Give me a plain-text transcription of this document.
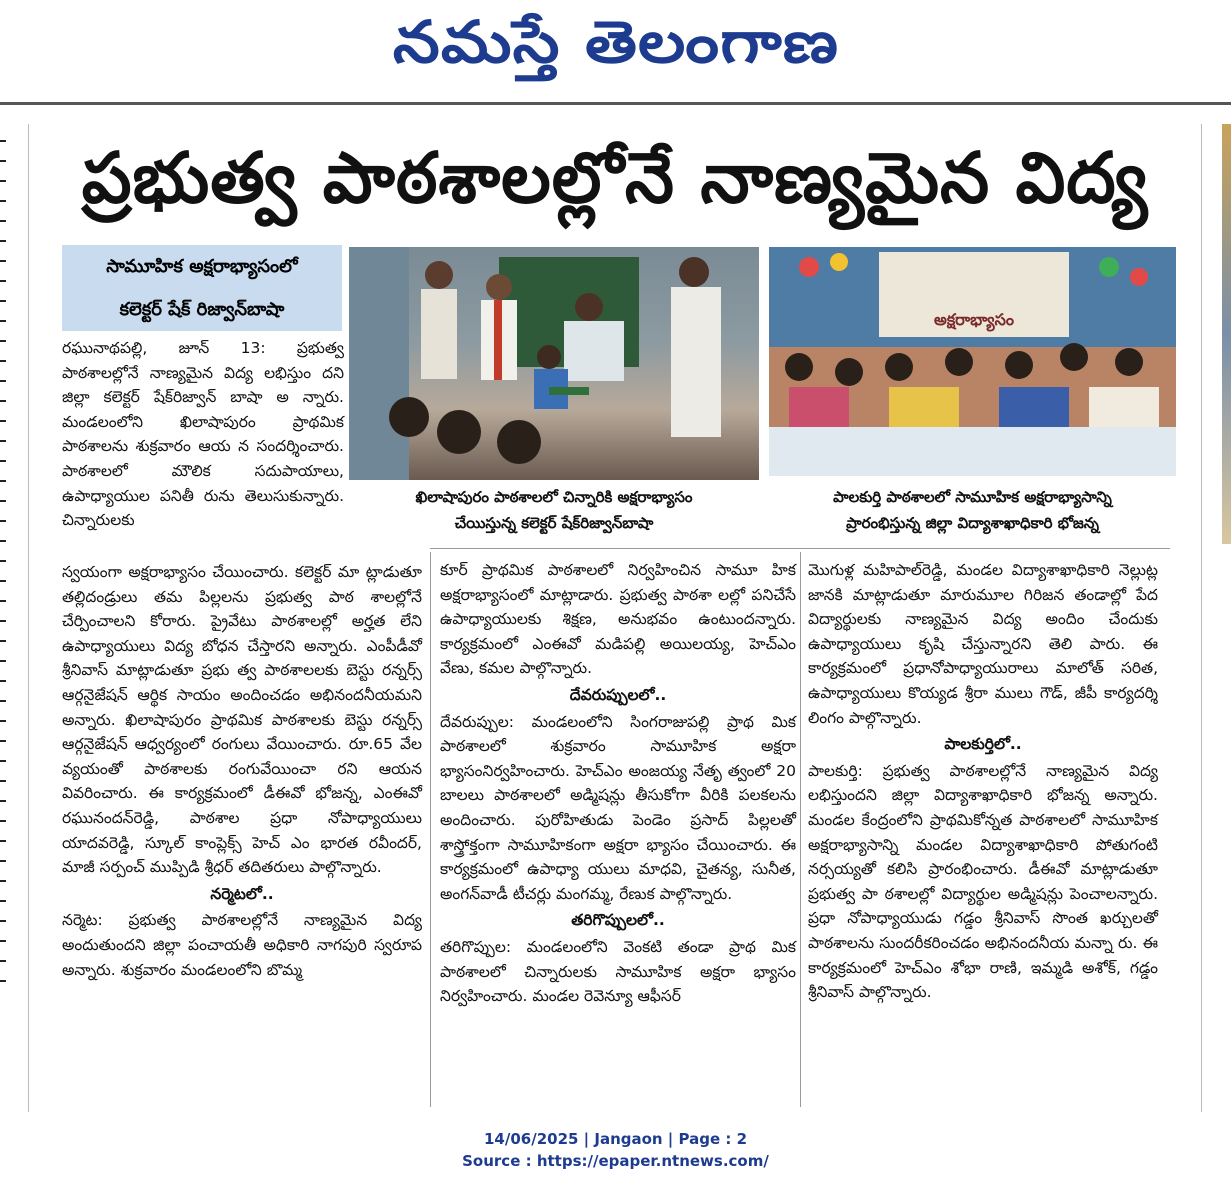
నమస్తే తెలంగాణ
ప్రభుత్వ పాఠశాలల్లోనే నాణ్యమైన విద్య
సామూహిక అక్షరాభ్యాసంలో
కలెక్టర్ షేక్ రిజ్వాన్‌బాషా	అక్షరాభ్యాసం
ఖిలాషాపురం పాఠశాలలో చిన్నారికి అక్షరాభ్యాసం
చేయిస్తున్న కలెక్టర్ షేక్‌రిజ్వాన్‌బాషా
పాలకుర్తి పాఠశాలలో సామూహిక అక్షరాభ్యాసాన్ని
ప్రారంభిస్తున్న జిల్లా విద్యాశాఖాధికారి భోజన్న

రఘునాథపల్లి, జూన్ 13: ప్రభుత్వ పాఠశాలల్లోనే నాణ్యమైన విద్య లభిస్తుం దని జిల్లా కలెక్టర్ షేక్‌రిజ్వాన్ బాషా అ న్నారు. మండలంలోని ఖిలాషాపురం ప్రాథమిక పాఠశాలను శుక్రవారం ఆయ న సందర్శించారు. పాఠశాలలో మౌలిక సదుపాయాలు, ఉపాధ్యాయుల పనితీ రును తెలుసుకున్నారు. చిన్నారులకు

స్వయంగా అక్షరాభ్యాసం చేయించారు. కలెక్టర్ మా ట్లాడుతూ తల్లిదండ్రులు తమ పిల్లలను ప్రభుత్వ పాఠ శాలల్లోనే చేర్పించాలని కోరారు. ప్రైవేటు పాఠశాలల్లో అర్హత లేని ఉపాధ్యాయులు విద్య బోధన చేస్తారని అన్నారు. ఎంపీడీవో శ్రీనివాస్ మాట్లాడుతూ ప్రభు త్వ పాఠశాలలకు బెస్టు రన్నర్స్ ఆర్గనైజేషన్ ఆర్థిక సాయం అందించడం అభినందనీయమని అన్నారు. ఖిలాషాపురం ప్రాథమిక పాఠశాలకు బెస్టు రన్నర్స్ ఆర్గనైజేషన్ ఆధ్వర్యంలో రంగులు వేయించారు. రూ.65 వేల వ్యయంతో పాఠశాలకు రంగువేయించా రని ఆయన వివరించారు. ఈ కార్యక్రమంలో డీఈవో భోజన్న, ఎంఈవో రఘునందన్‌రెడ్డి, పాఠశాల ప్రధా నోపాధ్యాయులు యాదవరెడ్డి, స్కూల్ కాంప్లెక్స్ హెచ్ ఎం భారత రవీందర్, మాజీ సర్పంచ్ ముప్పిడి శ్రీధర్ తదితరులు పాల్గొన్నారు.

నర్మెటలో..

నర్మెట: ప్రభుత్వ పాఠశాలల్లోనే నాణ్యమైన విద్య అందుతుందని జిల్లా పంచాయతీ అధికారి నాగపురి స్వరూప అన్నారు. శుక్రవారం మండలంలోని బొమ్మ

కూర్ ప్రాథమిక పాఠశాలలో నిర్వహించిన సామూ హిక అక్షరాభ్యాసంలో మాట్లాడారు. ప్రభుత్వ పాఠశా లల్లో పనిచేసే ఉపాధ్యాయులకు శిక్షణ, అనుభవం ఉంటుందన్నారు. కార్యక్రమంలో ఎంఈవో మడిపల్లి అయిలయ్య, హెచ్ఎం వేణు, కమల పాల్గొన్నారు.

దేవరుప్పులలో..

దేవరుప్పుల: మండలంలోని సింగరాజుపల్లి ప్రాథ మిక పాఠశాలలో శుక్రవారం సామూహిక అక్షరా భ్యాసంనిర్వహించారు. హెచ్ఎం అంజయ్య నేతృ త్వంలో 20 బాలలు పాఠశాలలో అడ్మిషన్లు తీసుకోగా వీరికి పలకలను అందించారు. పురోహితుడు పెండెం ప్రసాద్ పిల్లలతో శాస్త్రోక్తంగా సామూహికంగా అక్షరా భ్యాసం చేయించారు. ఈ కార్యక్రమంలో ఉపాధ్యా యులు మాధవి, చైతన్య, సునీత, అంగన్‌వాడీ టీచర్లు మంగమ్మ, రేణుక పాల్గొన్నారు.

తరిగొప్పులలో..

తరిగొప్పుల: మండలంలోని వెంకటి తండా ప్రాథ మిక పాఠశాలలో చిన్నారులకు సామూహిక అక్షరా భ్యాసం నిర్వహించారు. మండల రెవెన్యూ ఆఫీసర్

మొగుళ్ల మహిపాల్‌రెడ్డి, మండల విద్యాశాఖాధికారి నెల్లుట్ల జానకి మాట్లాడుతూ మారుమూల గిరిజన తండాల్లో పేద విద్యార్థులకు నాణ్యమైన విద్య అందిం చేందుకు ఉపాధ్యాయులు కృషి చేస్తున్నారని తెలి పారు. ఈ కార్యక్రమంలో ప్రధానోపాధ్యాయురాలు మాలోత్ సరిత, ఉపాధ్యాయులు కొయ్యడ శ్రీరా ములు గౌడ్, జీపీ కార్యదర్శి లింగం పాల్గొన్నారు.

పాలకుర్తిలో..

పాలకుర్తి: ప్రభుత్వ పాఠశాలల్లోనే నాణ్యమైన విద్య లభిస్తుందని జిల్లా విద్యాశాఖాధికారి భోజన్న అన్నారు. మండల కేంద్రంలోని ప్రాథమికోన్నత పాఠశాలలో సామూహిక అక్షరాభ్యాసాన్ని మండల విద్యాశాఖాధికారి పోతుగంటి నర్సయ్యతో కలిసి ప్రారంభించారు. డీఈవో మాట్లాడుతూ ప్రభుత్వ పా ఠశాలల్లో విద్యార్థుల అడ్మిషన్లు పెంచాలన్నారు. ప్రధా నోపాధ్యాయుడు గడ్డం శ్రీనివాస్ సొంత ఖర్చులతో పాఠశాలను సుందరీకరించడం అభినందనీయ మన్నా రు. ఈ కార్యక్రమంలో హెచ్ఎం శోభా రాణి, ఇమ్మడి అశోక్, గడ్డం శ్రీనివాస్ పాల్గొన్నారు.

14/06/2025 | Jangaon | Page : 2
Source : https://epaper.ntnews.com/
